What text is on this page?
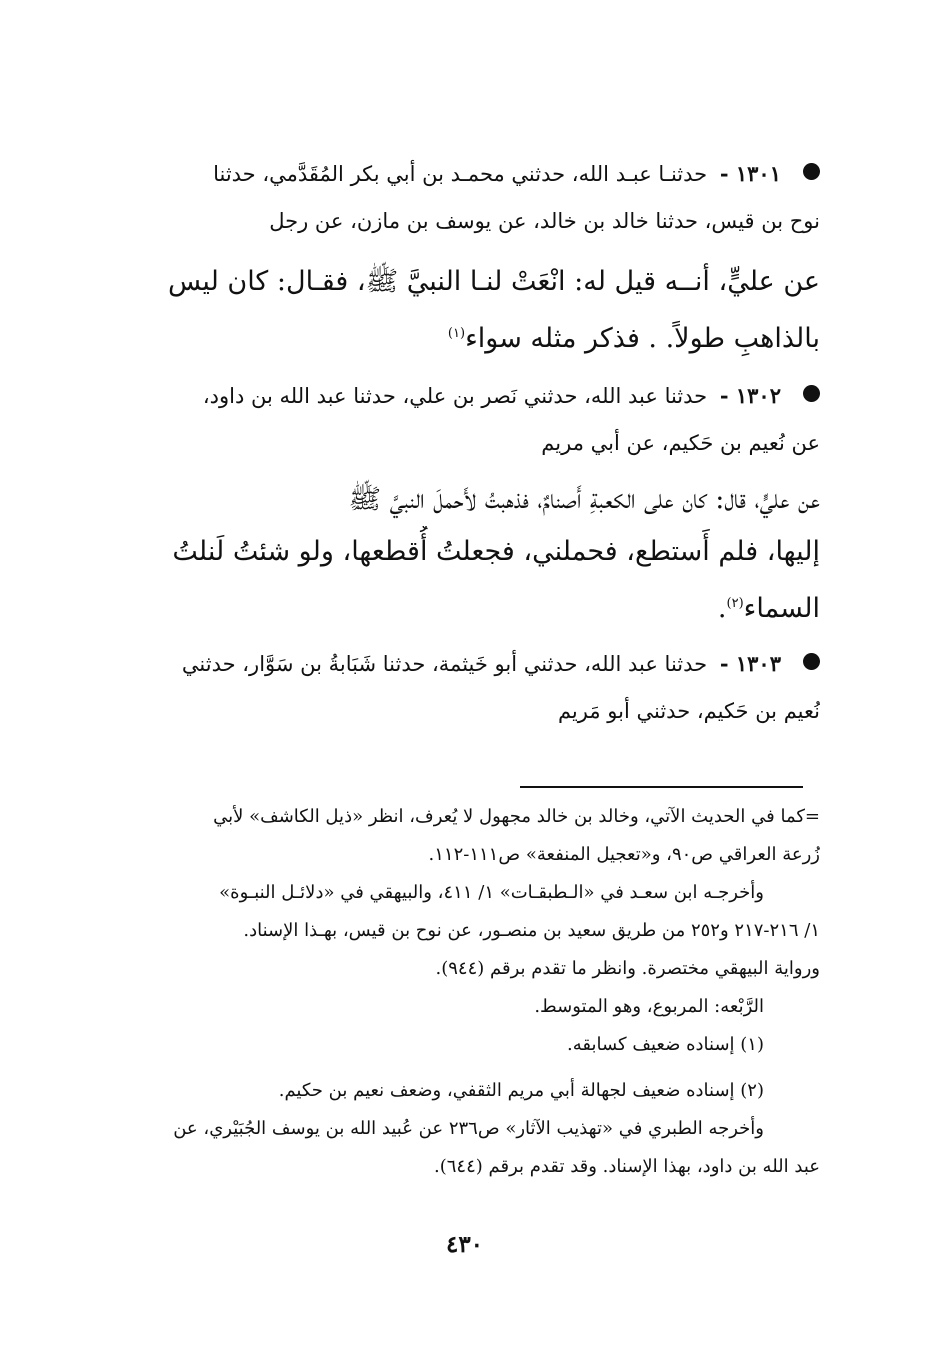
١٣٠١ - حدثنـا عبـد الله، حدثني محمـد بن أبي بكر المُقَدَّمي، حدثنا
نوح بن قيس، حدثنا خالد بن خالد، عن يوسف بن مازن، عن رجل
عن عليٍّ، أنــه قيل له: انْعَتْ لنـا النبيَّ ﷺ، فقـال: كان ليس
بالذاهبِ طولاً. . فذكر مثله سواء$^{(١)}$
١٣٠٢ - حدثنا عبد الله، حدثني نَصر بن علي، حدثنا عبد الله بن داود،
عن نُعيم بن حَكيم، عن أبي مريم
عن عليٍّ، قال: كان على الكعبةِ أَصنامٌ، فذهبتُ لأَحملَ النبيَّ ﷺ
إليها، فلم أَستطع، فحملني، فجعلتُ أُقطعها، ولو شئتُ لَنلتُ
السماء$^{(٢)}$.
١٣٠٣ - حدثنا عبد الله، حدثني أبو خَيثمة، حدثنا شَبَابةُ بن سَوَّار، حدثني
نُعيم بن حَكيم، حدثني أبو مَريم
=كما في الحديث الآتي، وخالد بن خالد مجهول لا يُعرف، انظر «ذيل الكاشف» لأبي
زُرعة العراقي ص٩٠، و«تعجيل المنفعة» ص١١١-١١٢.
وأخرجـه ابن سعـد في «الـطبقـات» ١/ ٤١١، والبيهقي في «دلائـل النبـوة»
١/ ٢١٦-٢١٧ و٢٥٢ من طريق سعيد بن منصـور، عن نوح بن قيس، بهـذا الإسناد.
ورواية البيهقي مختصرة. وانظر ما تقدم برقم (٩٤٤).
الرَّبْعه: المربوع، وهو المتوسط.
(١) إسناده ضعيف كسابقه.
(٢) إسناده ضعيف لجهالة أبي مريم الثقفي، وضعف نعيم بن حكيم.
وأخرجه الطبري في «تهذيب الآثار» ص٢٣٦ عن عُبيد الله بن يوسف الجُبَيْري، عن
عبد الله بن داود، بهذا الإسناد. وقد تقدم برقم (٦٤٤).
٤٣٠
